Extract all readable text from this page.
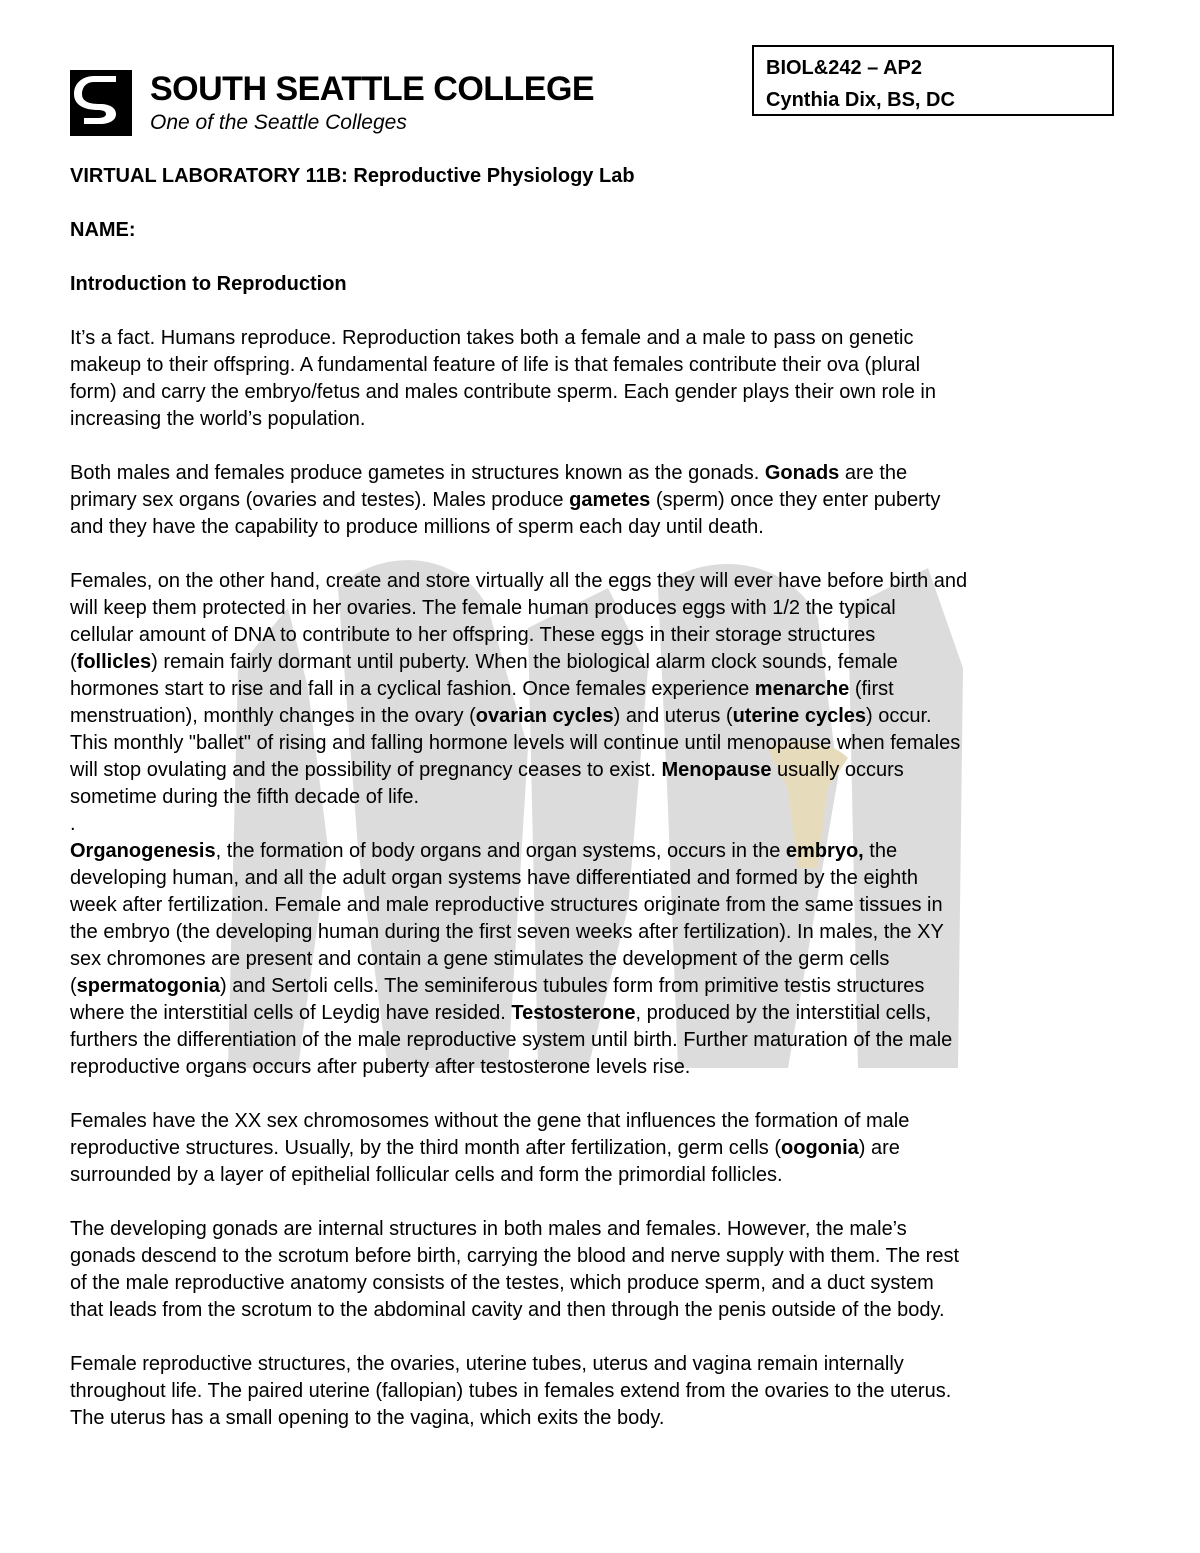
SOUTH SEATTLE COLLEGE
One of the Seattle Colleges
BIOL&242 – AP2
Cynthia Dix, BS, DC
VIRTUAL LABORATORY 11B: Reproductive Physiology Lab
NAME:
Introduction to Reproduction
It’s a fact. Humans reproduce. Reproduction takes both a female and a male to pass on genetic
makeup to their offspring. A fundamental feature of life is that females contribute their ova (plural
form) and carry the embryo/fetus and males contribute sperm. Each gender plays their own role in
increasing the world’s population.
Both males and females produce gametes in structures known as the gonads. Gonads are the
primary sex organs (ovaries and testes). Males produce gametes (sperm) once they enter puberty
and they have the capability to produce millions of sperm each day until death.
Females, on the other hand, create and store virtually all the eggs they will ever have before birth and
will keep them protected in her ovaries. The female human produces eggs with 1/2 the typical
cellular amount of DNA to contribute to her offspring. These eggs in their storage structures
(follicles) remain fairly dormant until puberty. When the biological alarm clock sounds, female
hormones start to rise and fall in a cyclical fashion. Once females experience menarche (first
menstruation), monthly changes in the ovary (ovarian cycles) and uterus (uterine cycles) occur.
This monthly "ballet" of rising and falling hormone levels will continue until menopause when females
will stop ovulating and the possibility of pregnancy ceases to exist. Menopause usually occurs
sometime during the fifth decade of life.
.
Organogenesis, the formation of body organs and organ systems, occurs in the embryo, the
developing human, and all the adult organ systems have differentiated and formed by the eighth
week after fertilization. Female and male reproductive structures originate from the same tissues in
the embryo (the developing human during the first seven weeks after fertilization). In males, the XY
sex chromones are present and contain a gene stimulates the development of the germ cells
(spermatogonia) and Sertoli cells. The seminiferous tubules form from primitive testis structures
where the interstitial cells of Leydig have resided. Testosterone, produced by the interstitial cells,
furthers the differentiation of the male reproductive system until birth. Further maturation of the male
reproductive organs occurs after puberty after testosterone levels rise.
Females have the XX sex chromosomes without the gene that influences the formation of male
reproductive structures. Usually, by the third month after fertilization, germ cells (oogonia) are
surrounded by a layer of epithelial follicular cells and form the primordial follicles.
The developing gonads are internal structures in both males and females. However, the male’s
gonads descend to the scrotum before birth, carrying the blood and nerve supply with them. The rest
of the male reproductive anatomy consists of the testes, which produce sperm, and a duct system
that leads from the scrotum to the abdominal cavity and then through the penis outside of the body.
Female reproductive structures, the ovaries, uterine tubes, uterus and vagina remain internally
throughout life. The paired uterine (fallopian) tubes in females extend from the ovaries to the uterus.
The uterus has a small opening to the vagina, which exits the body.
